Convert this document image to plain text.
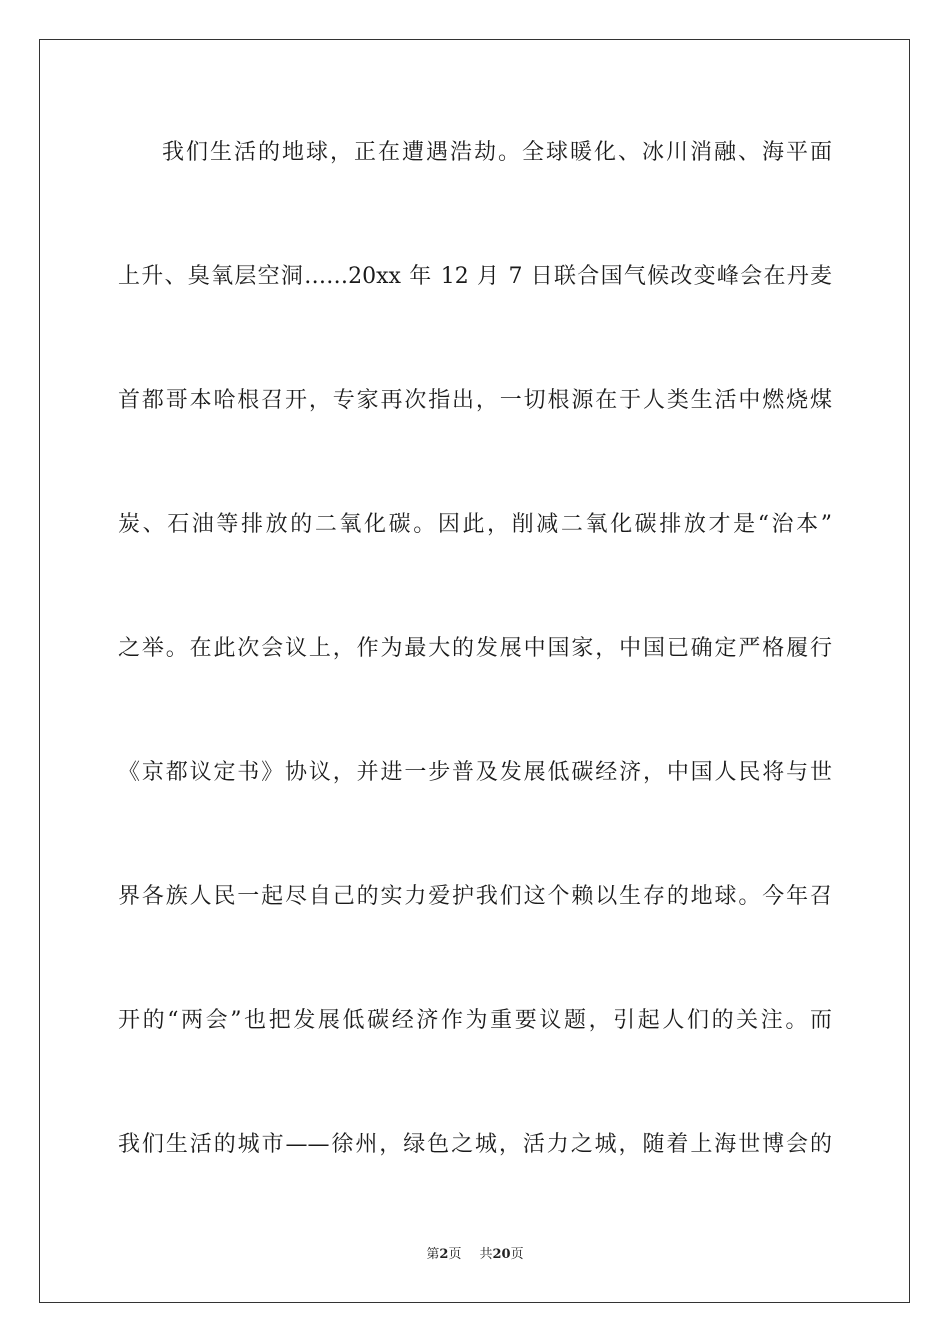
我们生活的地球，正在遭遇浩劫。全球暖化、冰川消融、海平面
上升、臭氧层空洞……20xx 年 12 月 7 日联合国气候改变峰会在丹麦
首都哥本哈根召开，专家再次指出，一切根源在于人类生活中燃烧煤
炭、石油等排放的二氧化碳。因此，削减二氧化碳排放才是“治本”
之举。在此次会议上，作为最大的发展中国家，中国已确定严格履行
《京都议定书》协议，并进一步普及发展低碳经济，中国人民将与世
界各族人民一起尽自己的实力爱护我们这个赖以生存的地球。今年召
开的“两会”也把发展低碳经济作为重要议题，引起人们的关注。而
我们生活的城市——徐州，绿色之城，活力之城，随着上海世博会的
第2页 共20页
